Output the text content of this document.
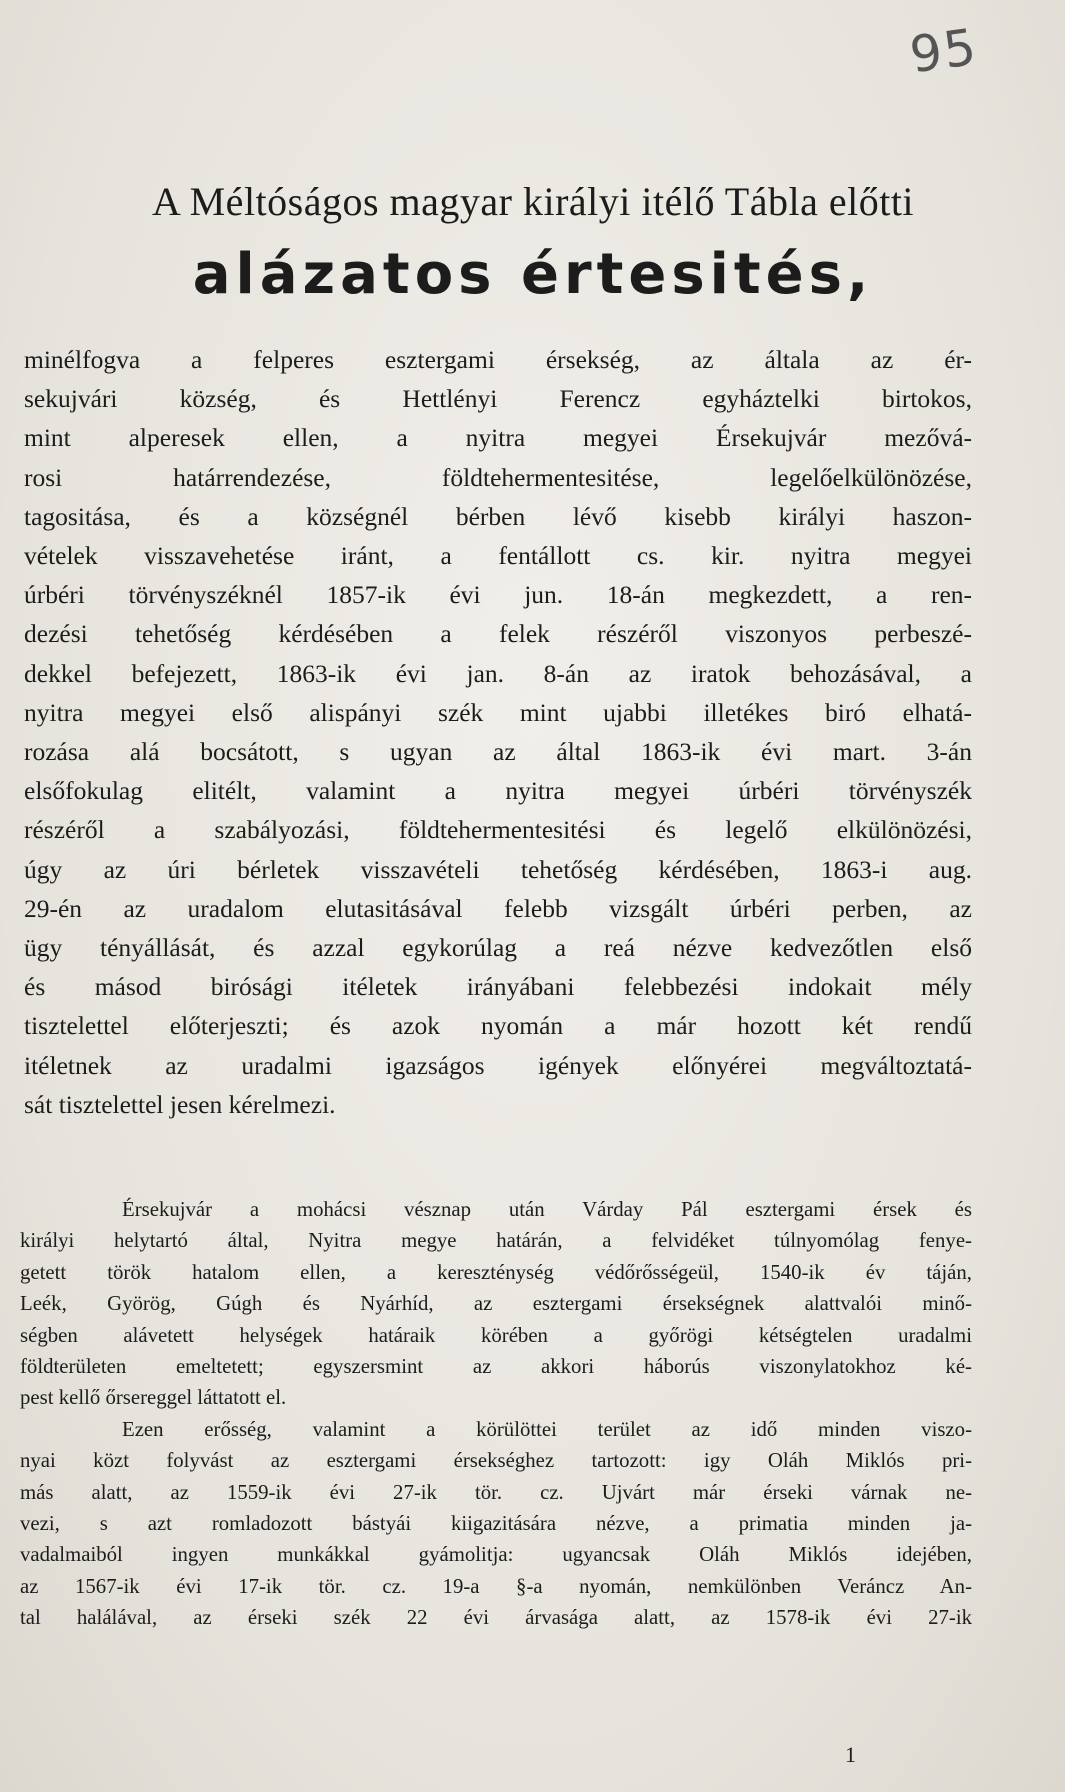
95
A Méltóságos magyar királyi itélő Tábla előtti
alázatos értesités,
minélfogva a felperes esztergami érsekség, az általa az ér-
sekujvári község, és Hettlényi Ferencz egyháztelki birtokos,
mint alperesek ellen, a nyitra megyei Érsekujvár mezővá-
rosi határrendezése, földtehermentesitése, legelőelkülönözése,
tagositása, és a községnél bérben lévő kisebb királyi haszon-
vételek visszavehetése iránt, a fentállott cs. kir. nyitra megyei
úrbéri törvényszéknél 1857-ik évi jun. 18-án megkezdett, a ren-
dezési tehetőség kérdésében a felek részéről viszonyos perbeszé-
dekkel befejezett, 1863-ik évi jan. 8-án az iratok behozásával, a
nyitra megyei első alispányi szék mint ujabbi illetékes biró elhatá-
rozása alá bocsátott, s ugyan az által 1863-ik évi mart. 3-án
elsőfokulag elitélt, valamint a nyitra megyei úrbéri törvényszék
részéről a szabályozási, földtehermentesitési és legelő elkülönözési,
úgy az úri bérletek visszavételi tehetőség kérdésében, 1863-i aug.
29-én az uradalom elutasitásával felebb vizsgált úrbéri perben, az
ügy tényállását, és azzal egykorúlag a reá nézve kedvezőtlen első
és másod birósági itéletek irányábani felebbezési indokait mély
tisztelettel előterjeszti; és azok nyomán a már hozott két rendű
itéletnek az uradalmi igazságos igények előnyérei megváltoztatá-
sát tisztelettel jesen kérelmezi.
Érsekujvár a mohácsi vésznap után Várday Pál esztergami érsek és
királyi helytartó által, Nyitra megye határán, a felvidéket túlnyomólag fenye-
getett török hatalom ellen, a kereszténység védőrősségeül, 1540-ik év táján,
Leék, Györög, Gúgh és Nyárhíd, az esztergami érsekségnek alattvalói minő-
ségben alávetett helységek határaik körében a győrögi kétségtelen uradalmi
földterületen emeltetett; egyszersmint az akkori háborús viszonylatokhoz ké-
pest kellő őrsereggel láttatott el.
Ezen erősség, valamint a körülöttei terület az idő minden viszo-
nyai közt folyvást az esztergami érsekséghez tartozott: igy Oláh Miklós pri-
más alatt, az 1559-ik évi 27-ik tör. cz. Ujvárt már érseki várnak ne-
vezi, s azt romladozott bástyái kiigazitására nézve, a primatia minden ja-
vadalmaiból ingyen munkákkal gyámolitja: ugyancsak Oláh Miklós idejében,
az 1567-ik évi 17-ik tör. cz. 19-a §-a nyomán, nemkülönben Veráncz An-
tal halálával, az érseki szék 22 évi árvasága alatt, az 1578-ik évi 27-ik
1
